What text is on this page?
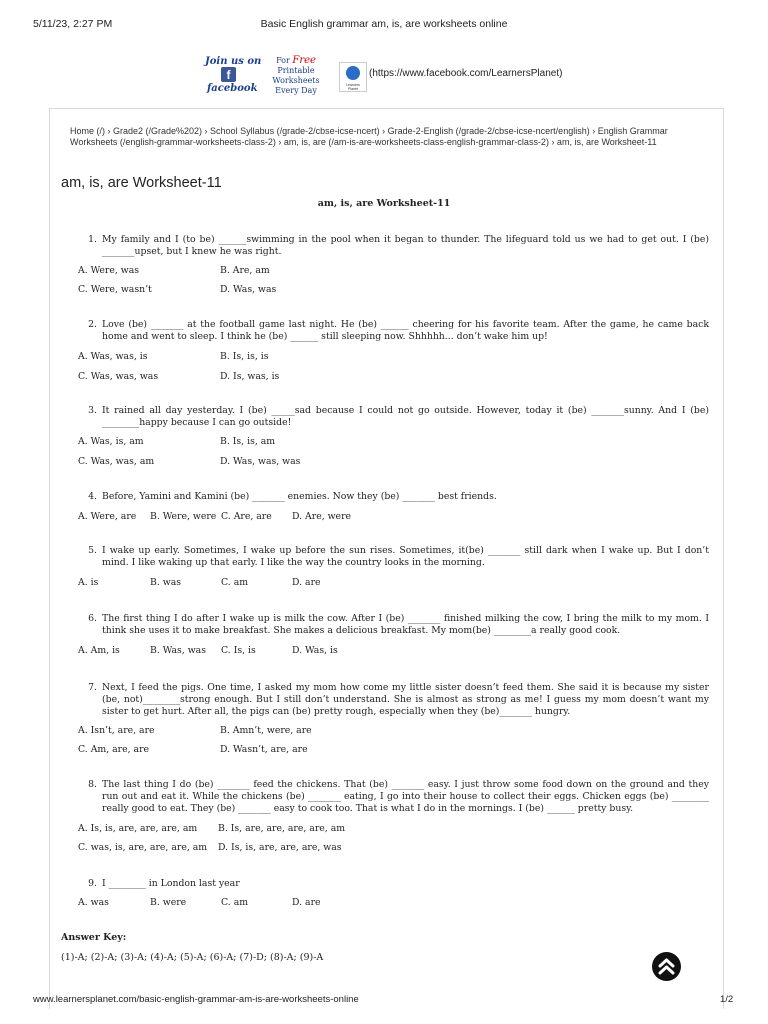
5/11/23, 2:27 PM	Basic English grammar am, is, are worksheets online
Join us on
f
facebook
For Free
Printable Worksheets
Every Day
Learners Planet
(https://www.facebook.com/LearnersPlanet)
Home (/) › Grade2 (/Grade%202) › School Syllabus (/grade-2/cbse-icse-ncert) › Grade-2-English (/grade-2/cbse-icse-ncert/english) › English Grammar Worksheets (/english-grammar-worksheets-class-2) › am, is, are (/am-is-are-worksheets-class-english-grammar-class-2) › am, is, are Worksheet-11
am, is, are Worksheet-11
am, is, are Worksheet-11
1. My family and I (to be) ______swimming in the pool when it began to thunder. The lifeguard told us we had to get out. I (be) _______upset, but I knew he was right.
A. Were, was	B. Are, am
C. Were, wasn’t	D. Was, was
2. Love (be) _______ at the football game last night. He (be) ______ cheering for his favorite team. After the game, he came back home and went to sleep. I think he (be) ______ still sleeping now. Shhhhh... don’t wake him up!
A. Was, was, is	B. Is, is, is
C. Was, was, was	D. Is, was, is
3. It rained all day yesterday. I (be) _____sad because I could not go outside. However, today it (be) _______sunny. And I (be) ________happy because I can go outside!
A. Was, is, am	B. Is, is, am
C. Was, was, am	D. Was, was, was
4. Before, Yamini and Kamini (be) _______ enemies. Now they (be) _______ best friends.
A. Were, are B. Were, were C. Are, are D. Are, were
5. I wake up early. Sometimes, I wake up before the sun rises. Sometimes, it(be) _______ still dark when I wake up. But I don’t mind. I like waking up that early. I like the way the country looks in the morning.
A. is	B. was	C. am	D. are
6. The first thing I do after I wake up is milk the cow. After I (be) _______ finished milking the cow, I bring the milk to my mom. I think she uses it to make breakfast. She makes a delicious breakfast. My mom(be) ________a really good cook.
A. Am, is	B. Was, was C. Is, is	D. Was, is
7. Next, I feed the pigs. One time, I asked my mom how come my little sister doesn’t feed them. She said it is because my sister (be, not)________strong enough. But I still don’t understand. She is almost as strong as me! I guess my mom doesn’t want my sister to get hurt. After all, the pigs can (be) pretty rough, especially when they (be)_______ hungry.
A. Isn’t, are, are	B. Amn’t, were, are
C. Am, are, are	D. Wasn’t, are, are
8. The last thing I do (be) _______ feed the chickens. That (be) _______ easy. I just throw some food down on the ground and they run out and eat it. While the chickens (be) _______ eating, I go into their house to collect their eggs. Chicken eggs (be) ________ really good to eat. They (be) _______ easy to cook too. That is what I do in the mornings. I (be) ______ pretty busy.
A. Is, is, are, are, are, am B. Is, are, are, are, are, am
C. was, is, are, are, are, am D. Is, is, are, are, are, was
9. I ________ in London last year
A. was	B. were	C. am	D. are
Answer Key:
(1)-A; (2)-A; (3)-A; (4)-A; (5)-A; (6)-A; (7)-D; (8)-A; (9)-A
www.learnersplanet.com/basic-english-grammar-am-is-are-worksheets-online	1/2
